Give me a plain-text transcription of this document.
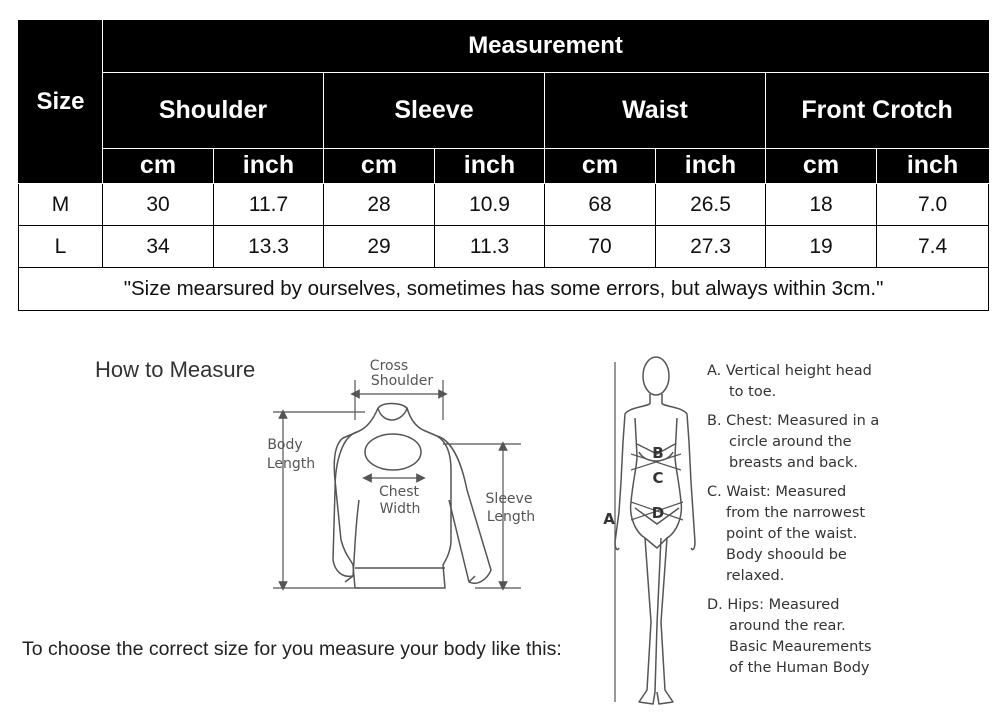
Size	Measurement							
	Shoulder		Sleeve		Waist		Front Crotch	
	cm	inch	cm	inch	cm	inch	cm	inch
M	30	11.7	28	10.9	68	26.5	18	7.0
L	34	13.3	29	11.3	70	27.3	19	7.4
"Size mearsured by ourselves, sometimes has some errors, but always within 3cm."								
How to Measure	Cross
Shoulder
Body
Length
Chest
Width
Sleeve
Length
To choose the correct size for you measure your body like this:
A
B
C
D
A. Vertical height head
to toe.
B. Chest: Measured in a
circle around the
breasts and back.
C. Waist: Measured
from the narrowest
point of the waist.
Body shoould be
relaxed.
D. Hips: Measured
around the rear.
Basic Meaurements
of the Human Body
